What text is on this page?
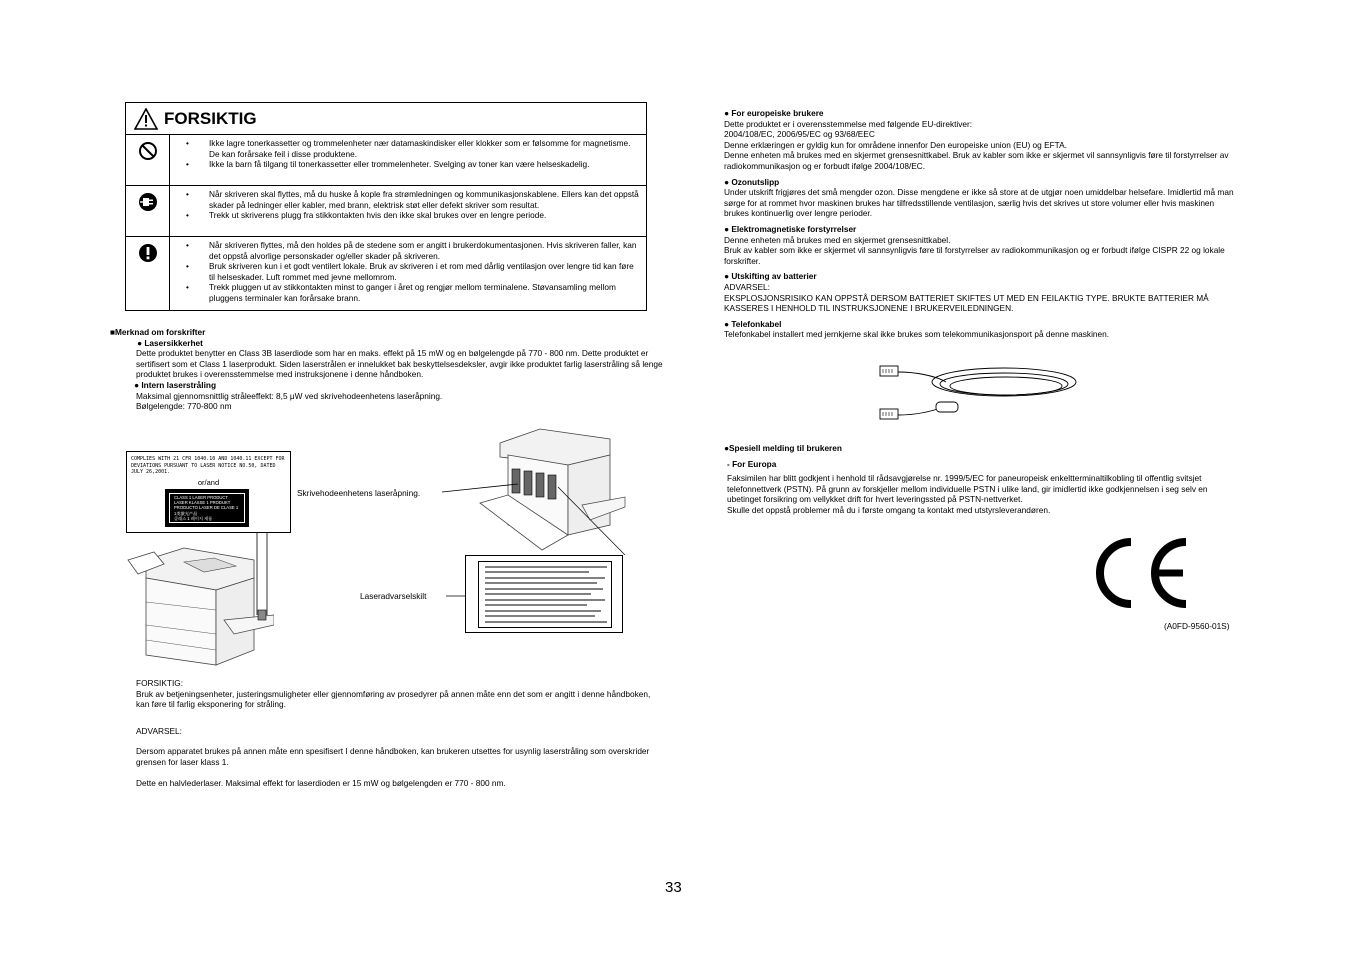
FORSIKTIG
• Ikke lagre tonerkassetter og trommelenheter nær datamaskindisker eller klokker som er følsomme for magnetisme. De kan forårsake feil i disse produktene.
• Ikke la barn få tilgang til tonerkassetter eller trommelenheter. Svelging av toner kan være helseskadelig.
• Når skriveren skal flyttes, må du huske å kople fra strømledningen og kommunikasjonskablene. Ellers kan det oppstå skader på ledninger eller kabler, med brann, elektrisk støt eller defekt skriver som resultat.
• Trekk ut skriverens plugg fra stikkontakten hvis den ikke skal brukes over en lengre periode.
• Når skriveren flyttes, må den holdes på de stedene som er angitt i brukerdokumentasjonen. Hvis skriveren faller, kan det oppstå alvorlige personskader og/eller skader på skriveren.
• Bruk skriveren kun i et godt ventilert lokale. Bruk av skriveren i et rom med dårlig ventilasjon over lengre tid kan føre til helseskader. Luft rommet med jevne mellomrom.
• Trekk pluggen ut av stikkontakten minst to ganger i året og rengjør mellom terminalene. Støvansamling mellom pluggens terminaler kan forårsake brann.

■Merknad om forskrifter

● Lasersikkerhet

Dette produktet benytter en Class 3B laserdiode som har en maks. effekt på 15 mW og en bølgelengde på 770 - 800 nm. Dette produktet er sertifisert som et Class 1 laserprodukt. Siden laserstrålen er innelukket bak beskyttelsesdeksler, avgir ikke produktet farlig laserstråling så lenge produktet brukes i overensstemmelse med instruksjonene i denne håndboken.

● Intern laserstråling

Maksimal gjennomsnittlig stråleeffekt: 8,5 μW ved skrivehodeenhetens laseråpning.

Bølgelengde: 770-800 nm

COMPLIES WITH 21 CFR 1040.10 AND 1040.11 EXCEPT FOR
DEVIATIONS PURSUANT TO LASER NOTICE NO.50, DATED JULY 26,2001.
or/and
CLASS 1 LASER PRODUCT
LASER KLASSE 1 PRODUKT
PRODUCTO LASER DE CLASE 1
1类激光产品
클래스 1 레이저 제품
Skrivehodeenhetens laseråpning.
Laseradvarselskilt

FORSIKTIG:

Bruk av betjeningsenheter, justeringsmuligheter eller gjennomføring av prosedyrer på annen måte enn det som er angitt i denne håndboken, kan føre til farlig eksponering for stråling.

ADVARSEL:

Dersom apparatet brukes på annen måte enn spesifisert I denne håndboken, kan brukeren utsettes for usynlig laserstråling som overskrider grensen for laser klass 1.

Dette en halvlederlaser. Maksimal effekt for laserdioden er 15 mW og bølgelengden er 770 - 800 nm.

● For europeiske brukere

Dette produktet er i overensstemmelse med følgende EU-direktiver:

2004/108/EC, 2006/95/EC og 93/68/EEC

Denne erklæringen er gyldig kun for områdene innenfor Den europeiske union (EU) og EFTA.

Denne enheten må brukes med en skjermet grensesnittkabel. Bruk av kabler som ikke er skjermet vil sannsynligvis føre til forstyrrelser av radiokommunikasjon og er forbudt ifølge 2004/108/EC.

● Ozonutslipp

Under utskrift frigjøres det små mengder ozon. Disse mengdene er ikke så store at de utgjør noen umiddelbar helsefare. Imidlertid må man sørge for at rommet hvor maskinen brukes har tilfredsstillende ventilasjon, særlig hvis det skrives ut store volumer eller hvis maskinen brukes kontinuerlig over lengre perioder.

● Elektromagnetiske forstyrrelser

Denne enheten må brukes med en skjermet grensesnittkabel.

Bruk av kabler som ikke er skjermet vil sannsynligvis føre til forstyrrelser av radiokommunikasjon og er forbudt ifølge CISPR 22 og lokale forskrifter.

● Utskifting av batterier

ADVARSEL:

EKSPLOSJONSRISIKO KAN OPPSTÅ DERSOM BATTERIET SKIFTES UT MED EN FEILAKTIG TYPE. BRUKTE BATTERIER MÅ KASSERES I HENHOLD TIL INSTRUKSJONENE I BRUKERVEILEDNINGEN.

● Telefonkabel

Telefonkabel installert med jernkjerne skal ikke brukes som telekommunikasjonsport på denne maskinen.

●Spesiell melding til brukeren

- For Europa

Faksimilen har blitt godkjent i henhold til rådsavgjørelse nr. 1999/5/EC for paneuropeisk enkeltterminaltilkobling til offentlig svitsjet telefonnettverk (PSTN). På grunn av forskjeller mellom individuelle PSTN i ulike land, gir imidlertid ikke godkjennelsen i seg selv en ubetinget forsikring om vellykket drift for hvert leveringssted på PSTN-nettverket.

Skulle det oppstå problemer må du i første omgang ta kontakt med utstyrsleverandøren.

(A0FD-9560-01S)
33
